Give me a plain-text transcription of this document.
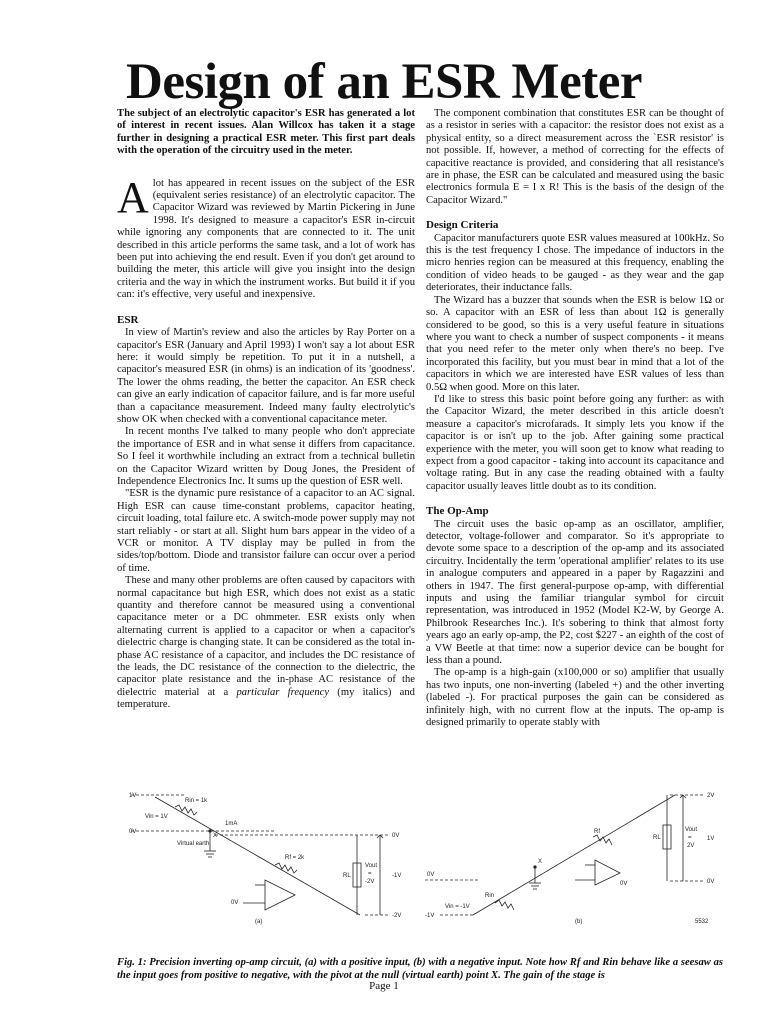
Design of an ESR Meter

The subject of an electrolytic capacitor's ESR has generated a lot of interest in recent issues. Alan Willcox has taken it a stage further in designing a practical ESR meter. This first part deals with the operation of the circuitry used in the meter.

Alot has appeared in recent issues on the subject of the ESR (equivalent series resistance) of an electrolytic capacitor. The Capacitor Wizard was reviewed by Martin Pickering in June 1998. It's designed to measure a capacitor's ESR in-circuit while ignoring any components that are connected to it. The unit described in this article performs the same task, and a lot of work has been put into achieving the end result. Even if you don't get around to building the meter, this article will give you insight into the design criteria and the way in which the instrument works. But build it if you can: it's effective, very useful and inexpensive.

ESR

In view of Martin's review and also the articles by Ray Porter on a capacitor's ESR (January and April 1993) I won't say a lot about ESR here: it would simply be repetition. To put it in a nutshell, a capacitor's measured ESR (in ohms) is an indication of its 'goodness'. The lower the ohms reading, the better the capacitor. An ESR check can give an early indication of capacitor failure, and is far more useful than a capacitance measurement. Indeed many faulty electrolytic's show OK when checked with a conventional capacitance meter.

In recent months I've talked to many people who don't appreciate the importance of ESR and in what sense it differs from capacitance. So I feel it worthwhile including an extract from a technical bulletin on the Capacitor Wizard written by Doug Jones, the President of Independence Electronics Inc. It sums up the question of ESR well.

"ESR is the dynamic pure resistance of a capacitor to an AC signal. High ESR can cause time-constant problems, capacitor heating, circuit loading, total failure etc. A switch-mode power supply may not start reliably - or start at all. Slight hum bars appear in the video of a VCR or monitor. A TV display may be pulled in from the sides/top/bottom. Diode and transistor failure can occur over a period of time.

These and many other problems are often caused by capacitors with normal capacitance but high ESR, which does not exist as a static quantity and therefore cannot be measured using a conventional capacitance meter or a DC ohmmeter. ESR exists only when alternating current is applied to a capacitor or when a capacitor's dielectric charge is changing state. It can be considered as the total in-phase AC resistance of a capacitor, and includes the DC resistance of the leads, the DC resistance of the connection to the dielectric, the capacitor plate resistance and the in-phase AC resistance of the dielectric material at a particular frequency (my italics) and temperature.

The component combination that constitutes ESR can be thought of as a resistor in series with a capacitor: the resistor does not exist as a physical entity, so a direct measurement across the `ESR resistor' is not possible. If, however, a method of correcting for the effects of capacitive reactance is provided, and considering that all resistance's are in phase, the ESR can be calculated and measured using the basic electronics formula E = I x R! This is the basis of the design of the Capacitor Wizard."

Design Criteria

Capacitor manufacturers quote ESR values measured at 100kHz. So this is the test frequency I chose. The impedance of inductors in the micro henries region can be measured at this frequency, enabling the condition of video heads to be gauged - as they wear and the gap deteriorates, their inductance falls.

The Wizard has a buzzer that sounds when the ESR is below 1Ω or so. A capacitor with an ESR of less than about 1Ω is generally considered to be good, so this is a very useful feature in situations where you want to check a number of suspect components - it means that you need refer to the meter only when there's no beep. I've incorporated this facility, but you must bear in mind that a lot of the capacitors in which we are interested have ESR values of less than 0.5Ω when good. More on this later.

I'd like to stress this basic point before going any further: as with the Capacitor Wizard, the meter described in this article doesn't measure a capacitor's microfarads. It simply lets you know if the capacitor is or isn't up to the job. After gaining some practical experience with the meter, you will soon get to know what reading to expect from a good capacitor - taking into account its capacitance and voltage rating. But in any case the reading obtained with a faulty capacitor usually leaves little doubt as to its condition.

The Op-Amp

The circuit uses the basic op-amp as an oscillator, amplifier, detector, voltage-follower and comparator. So it's appropriate to devote some space to a description of the op-amp and its associated circuitry. Incidentally the term 'operational amplifier' relates to its use in analogue computers and appeared in a paper by Ragazzini and others in 1947. The first general-purpose op-amp, with differential inputs and using the familiar triangular symbol for circuit representation, was introduced in 1952 (Model K2-W, by George A. Philbrook Researches Inc.). It's sobering to think that almost forty years ago an early op-amp, the P2, cost $227 - an eighth of the cost of a VW Beetle at that time: now a superior device can be bought for less than a pound.

The op-amp is a high-gain (x100,000 or so) amplifier that usually has two inputs, one non-inverting (labeled +) and the other inverting (labeled -). For practical purposes the gain can be considered as infinitely high, with no current flow at the inputs. The op-amp is designed primarily to operate stably with

1V
0V
Vin = 1V
Rin = 1k
1mA
X
Virtual earth
Rf = 2k
RL
Vout
=
-2V
-1V
0V
-2V
0V
(a)
2V
1V
0V
-1V
Rf
RL
Vout
=
2V
X
Rin
Vin = -1V
0V
0V
(b)	5532

Fig. 1: Precision inverting op-amp circuit, (a) with a positive input, (b) with a negative input. Note how Rf and Rin behave like a seesaw as the input goes from positive to negative, with the pivot at the null (virtual earth) point X. The gain of the stage is

Page 1
